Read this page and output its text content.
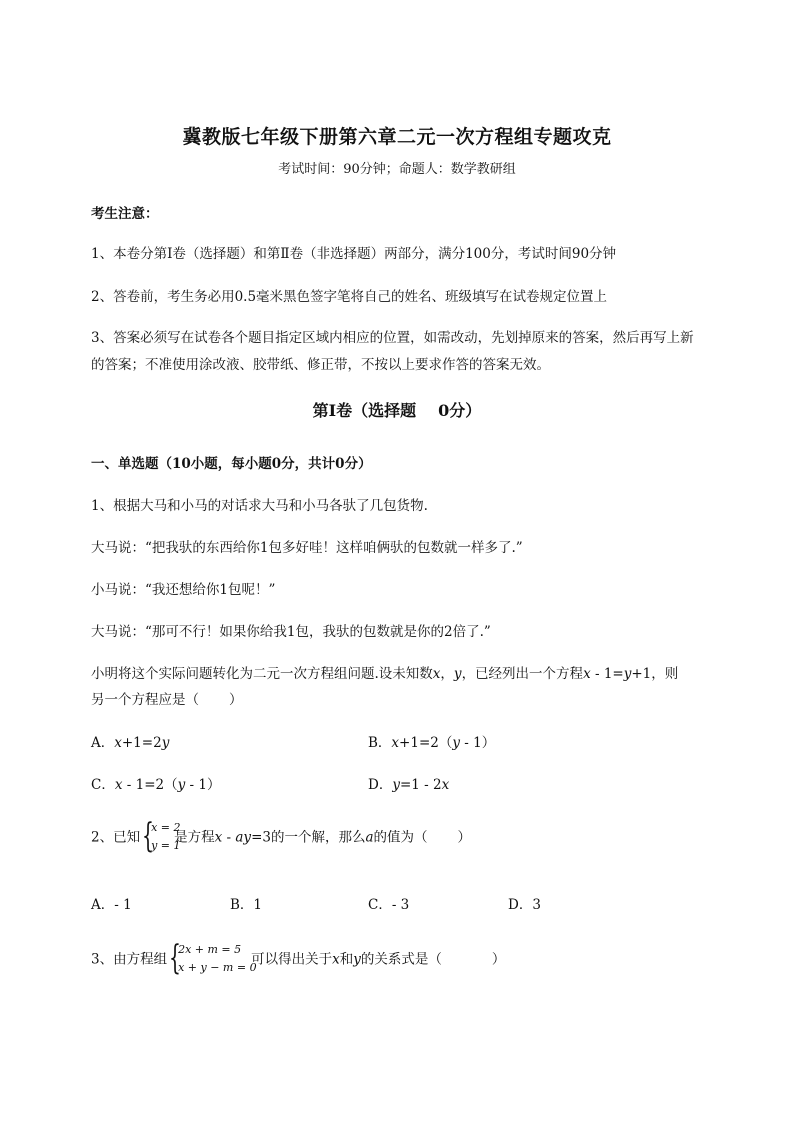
冀教版七年级下册第六章二元一次方程组专题攻克
考试时间：90分钟；命题人：数学教研组
考生注意：
1、本卷分第I卷（选择题）和第Ⅱ卷（非选择题）两部分，满分100分，考试时间90分钟
2、答卷前，考生务必用0.5毫米黑色签字笔将自己的姓名、班级填写在试卷规定位置上
3、答案必须写在试卷各个题目指定区域内相应的位置，如需改动，先划掉原来的答案，然后再写上新
的答案；不准使用涂改液、胶带纸、修正带，不按以上要求作答的答案无效。
第I卷（选择题 0分）
一、单选题（10小题，每小题0分，共计0分）
1、根据大马和小马的对话求大马和小马各驮了几包货物.
大马说：“把我驮的东西给你1包多好哇！这样咱俩驮的包数就一样多了.”
小马说：“我还想给你1包呢！”
大马说：“那可不行！如果你给我1包，我驮的包数就是你的2倍了.”
小明将这个实际问题转化为二元一次方程组问题.设未知数x，y，已经列出一个方程x - 1=y+1，则
另一个方程应是（ ）
A．x+1=2y	B．x+1=2（y - 1）
C．x - 1=2（y - 1）	D．y=1 - 2x
2、已知 {
x = 2
y = 1
是方程x - ay=3的一个解，那么a的值为（ ）
A．- 1	B．1	C．- 3	D．3
3、由方程组 {
2x + m = 5
x + y − m = 0
可以得出关于x和y的关系式是（	）
